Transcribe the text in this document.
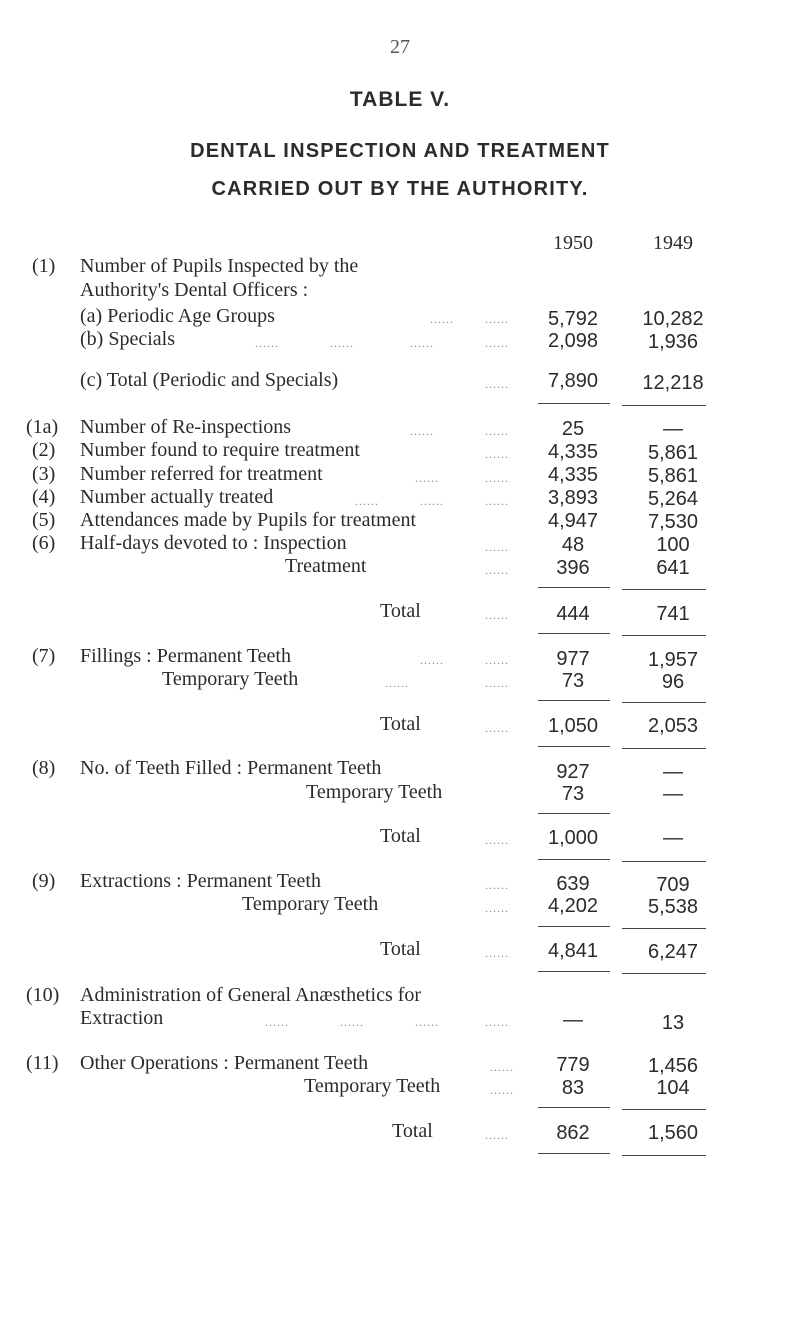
27
TABLE V.
DENTAL INSPECTION AND TREATMENT
CARRIED OUT BY THE AUTHORITY.
1950	1949
(1) Number of Pupils Inspected by the
Authority's Dental Officers :
(a) Periodic Age Groups	......	......	5,792	10,282
(b) Specials	......	......	......	......	2,098	1,936
(c) Total (Periodic and Specials)	......	7,890	12,218
(1a) Number of Re-inspections	......	......	25	—
(2) Number found to require treatment	......	4,335	5,861
(3) Number referred for treatment	......	......	4,335	5,861
(4) Number actually treated	......	......	......	3,893	5,264
(5) Attendances made by Pupils for treatment	4,947	7,530
(6) Half-days devoted to : Inspection	......	48	100
Treatment	......	396	641
Total	......	444	741
(7) Fillings : Permanent Teeth	......	......	977	1,957
Temporary Teeth	......	......	73	96
Total	......	1,050	2,053
(8) No. of Teeth Filled : Permanent Teeth	927	—
Temporary Teeth	73	—
Total	......	1,000	—
(9) Extractions : Permanent Teeth	......	639	709
Temporary Teeth	......	4,202	5,538
Total	......	4,841	6,247
(10) Administration of General Anæsthetics for
Extraction	......	......	......	......	—	13
(11) Other Operations : Permanent Teeth	......	779	1,456
Temporary Teeth	......	83	104
Total	......	862	1,560
